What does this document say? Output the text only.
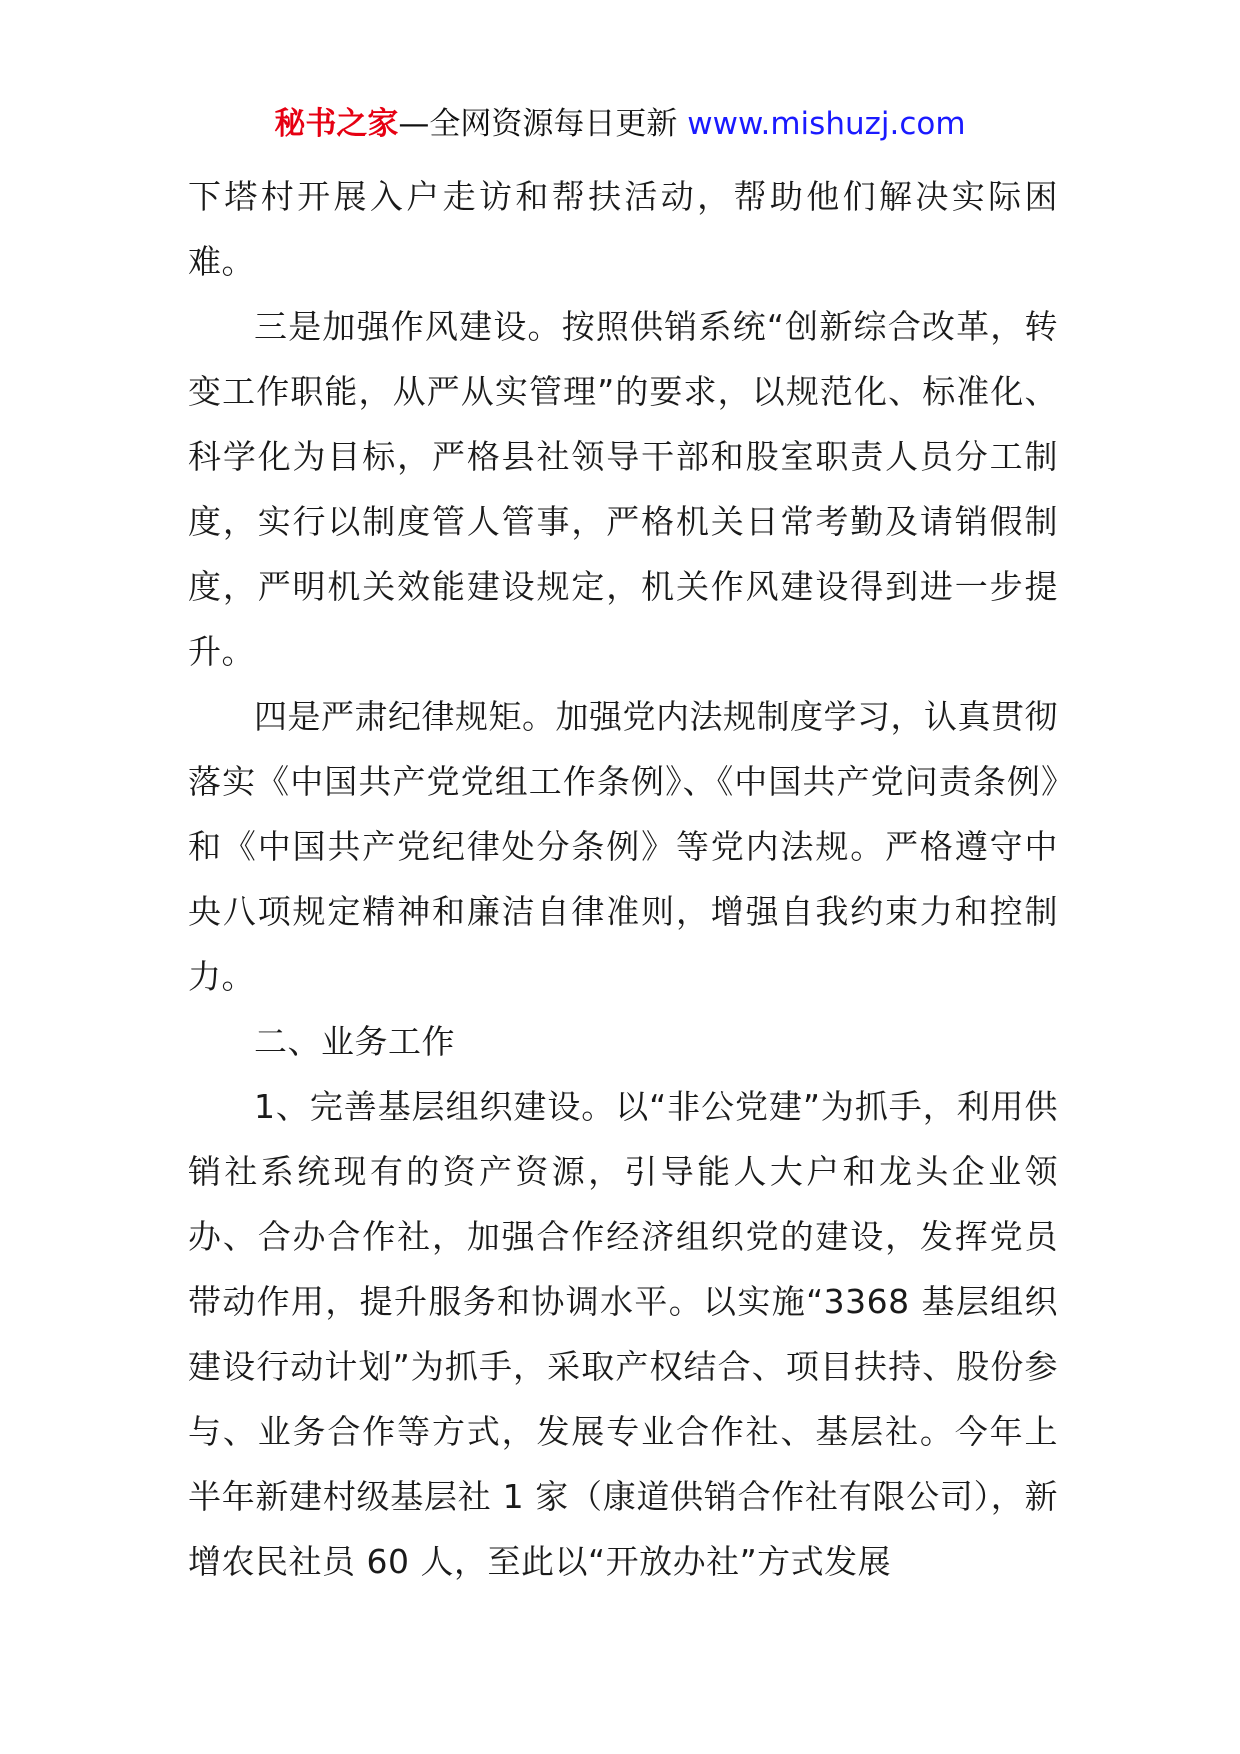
秘书之家—全网资源每日更新 www.mishuzj.com

下塔村开展入户走访和帮扶活动，帮助他们解决实际困难。

三是加强作风建设。按照供销系统“创新综合改革，转变工作职能，从严从实管理”的要求，以规范化、标准化、科学化为目标，严格县社领导干部和股室职责人员分工制度，实行以制度管人管事，严格机关日常考勤及请销假制度，严明机关效能建设规定，机关作风建设得到进一步提升。

四是严肃纪律规矩。加强党内法规制度学习，认真贯彻落实《中国共产党党组工作条例》、《中国共产党问责条例》和《中国共产党纪律处分条例》等党内法规。严格遵守中央八项规定精神和廉洁自律准则，增强自我约束力和控制力。

二、业务工作

1、完善基层组织建设。以“非公党建”为抓手，利用供销社系统现有的资产资源，引导能人大户和龙头企业领办、合办合作社，加强合作经济组织党的建设，发挥党员带动作用，提升服务和协调水平。以实施“3368 基层组织建设行动计划”为抓手，采取产权结合、项目扶持、股份参与、业务合作等方式，发展专业合作社、基层社。今年上半年新建村级基层社 1 家（康道供销合作社有限公司），新增农民社员 60 人，至此以“开放办社”方式发展
